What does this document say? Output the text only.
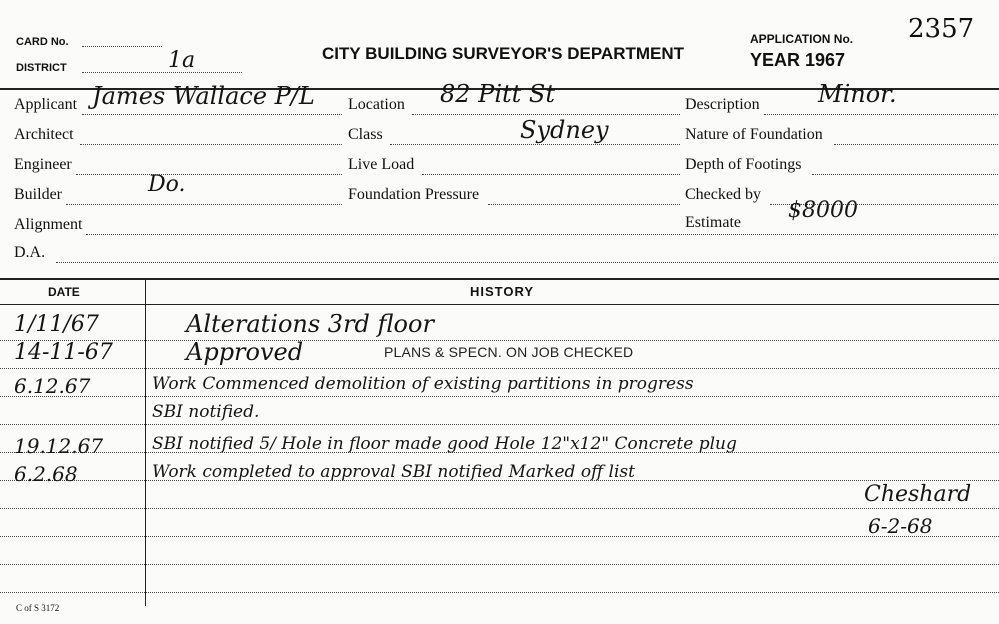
CARD No.
DISTRICT	1a	CITY BUILDING SURVEYOR'S DEPARTMENT
APPLICATION No. 2357
YEAR 1967
Applicant James Wallace P/L
Architect
Engineer
Builder	Do.
Alignment
D.A.
Location 82 Pitt St
Class	Sydney
Live Load
Foundation Pressure
Description Minor.
Nature of Foundation
Depth of Footings
Checked by
Estimate $8000
DATE	HISTORY
1/11/67	Alterations 3rd floor
14-11-67	Approved	PLANS & SPECN. ON JOB CHECKED
6.12.67	Work Commenced demolition of existing partitions in progress
SBI notified.
19.12.67	SBI notified 5/ Hole in floor made good Hole 12"x12" Concrete plug
6.2.68	Work completed to approval SBI notified Marked off list
Cheshard
6-2-68
C of S 3172
